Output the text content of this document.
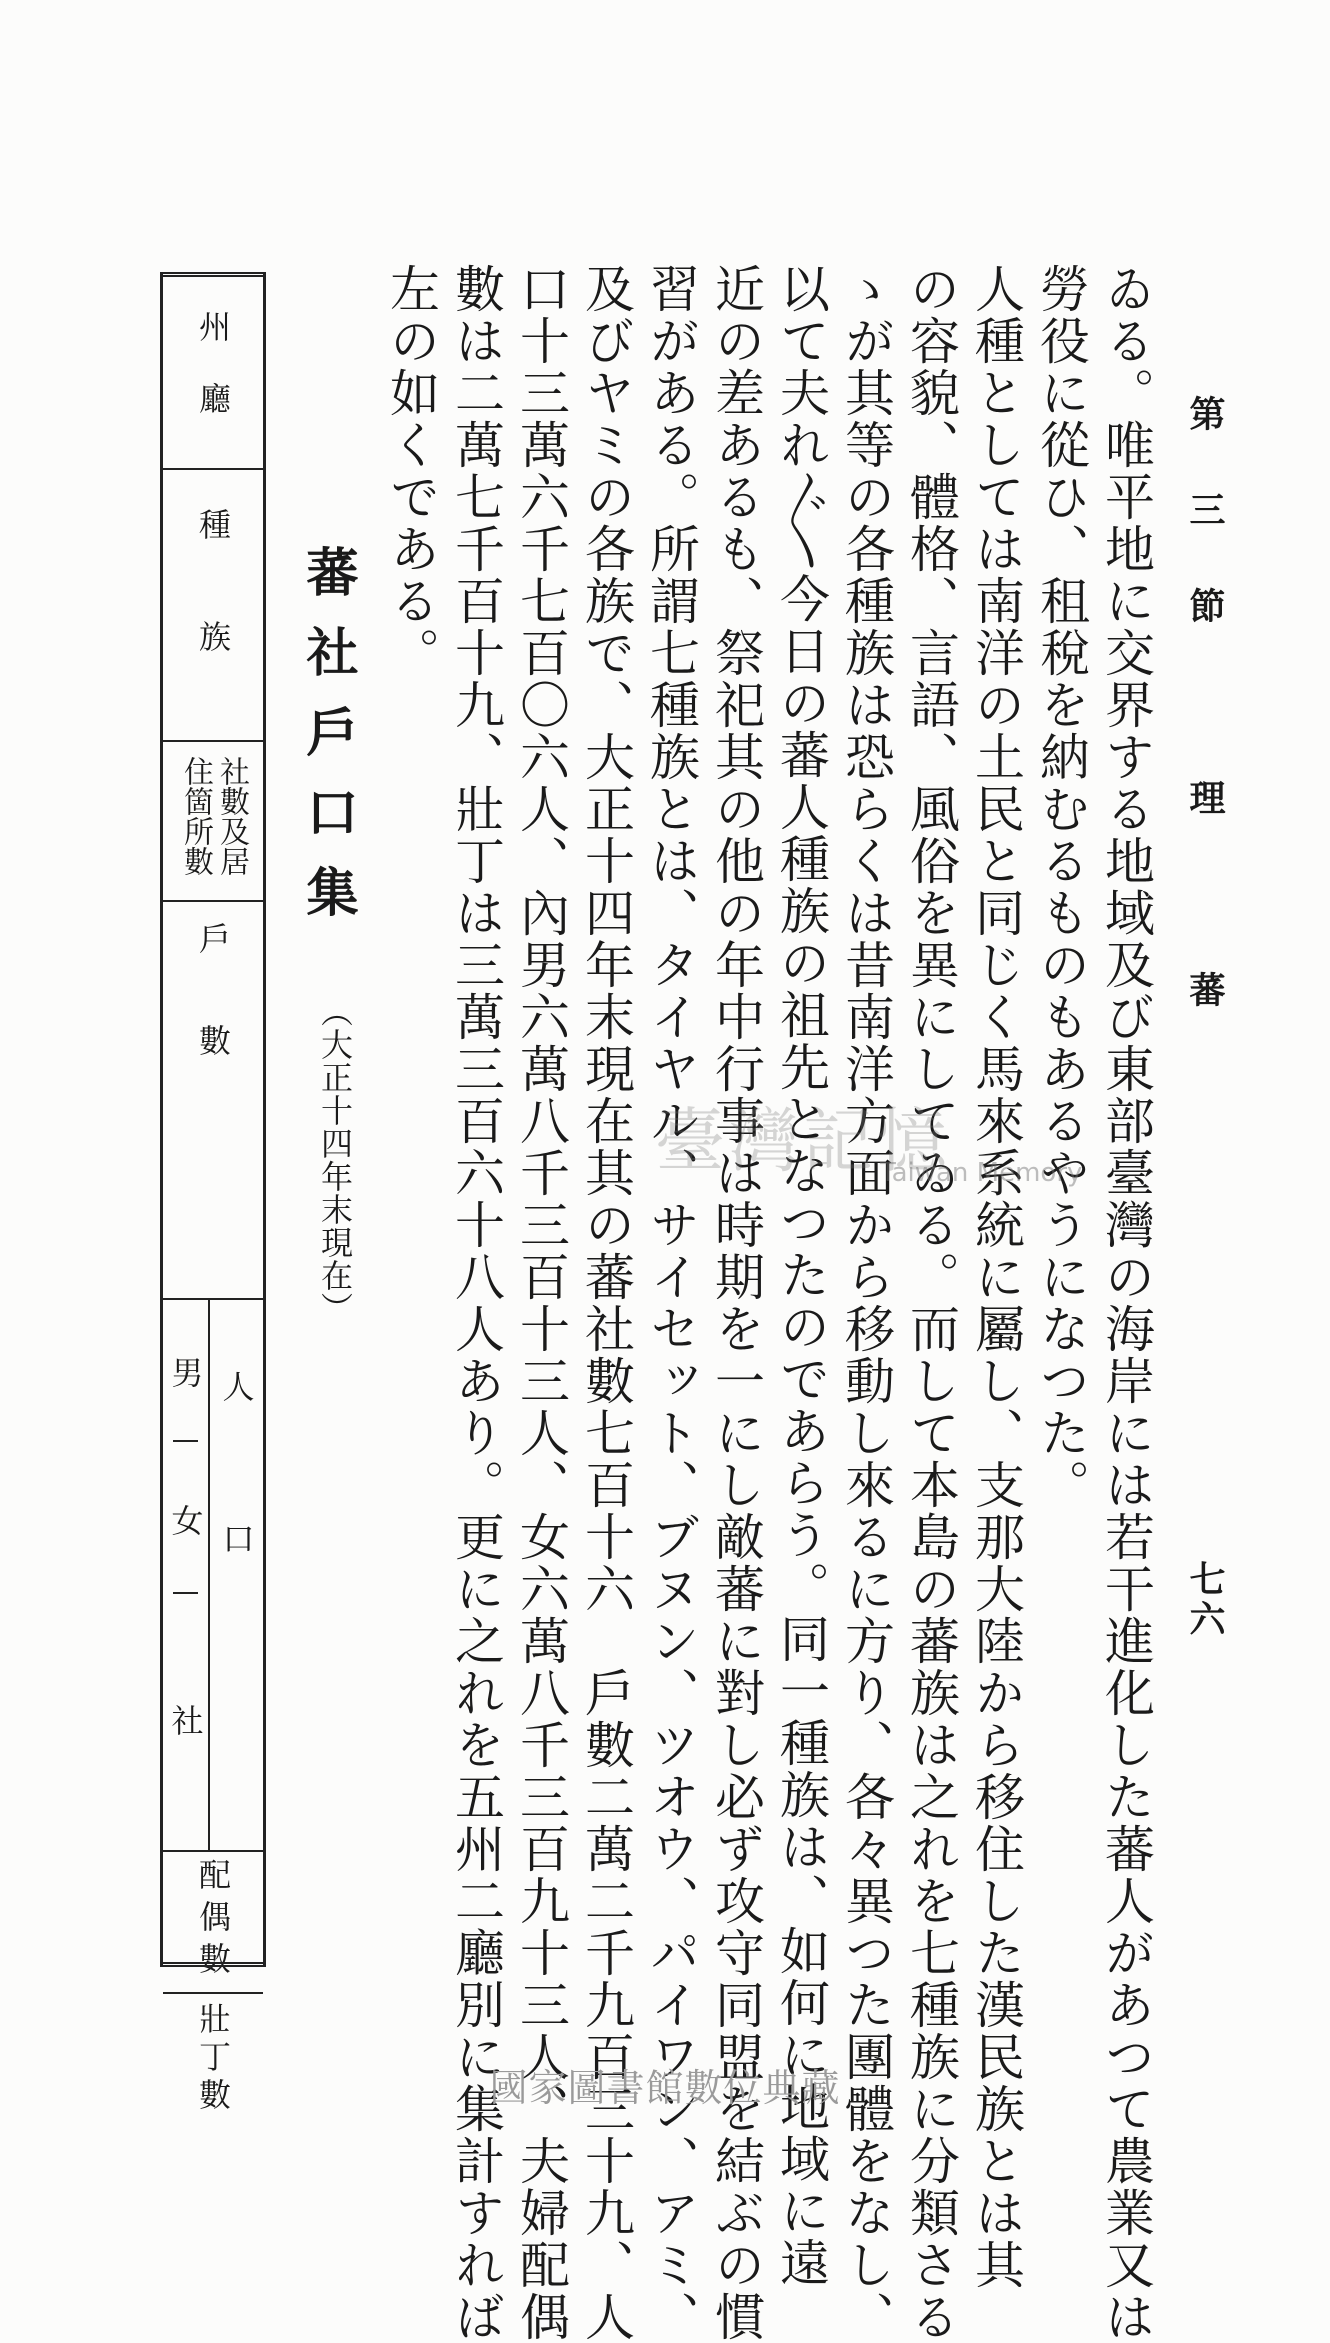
第三節　理　蕃
七六
ゐる。唯平地に交界する地域及び東部臺灣の海岸には若干進化した蕃人があつて農業又は
勞役に從ひ、租稅を納むるものもあるやうになつた。
人種としては南洋の土民と同じく馬來系統に屬し、支那大陸から移住した漢民族とは其
の容貌、體格、言語、風俗を異にしてゐる。而して本島の蕃族は之れを七種族に分類さる
ゝが其等の各種族は恐らくは昔南洋方面から移動し來るに方り、各々異つた團體をなし、
以て夫れ〴〵今日の蕃人種族の祖先となつたのであらう。同一種族は、如何に地域に遠
近の差あるも、祭祀其の他の年中行事は時期を一にし敵蕃に對し必ず攻守同盟を結ぶの慣
習がある。所謂七種族とは、タイヤル、サイセット、ブヌン、ツオウ、パイワン、アミ、
及びヤミの各族で、大正十四年末現在其の蕃社數七百十六　戶數二萬二千九百三十九、人
口十三萬六千七百〇六人、內男六萬八千三百十三人、女六萬八千三百九十三人、夫婦配偶
數は二萬七千百十九、壯丁は三萬三百六十八人あり。更に之れを五州二廳別に集計すれば
左の如くである。
蕃社戶口集
（大正十四年末現在）
州廳
種族
社數及居住箇所數
戶數
人口
男
女
社
配偶數
壯丁數
臺灣記憶
Taiwan Memory
國家圖書館數位典藏
